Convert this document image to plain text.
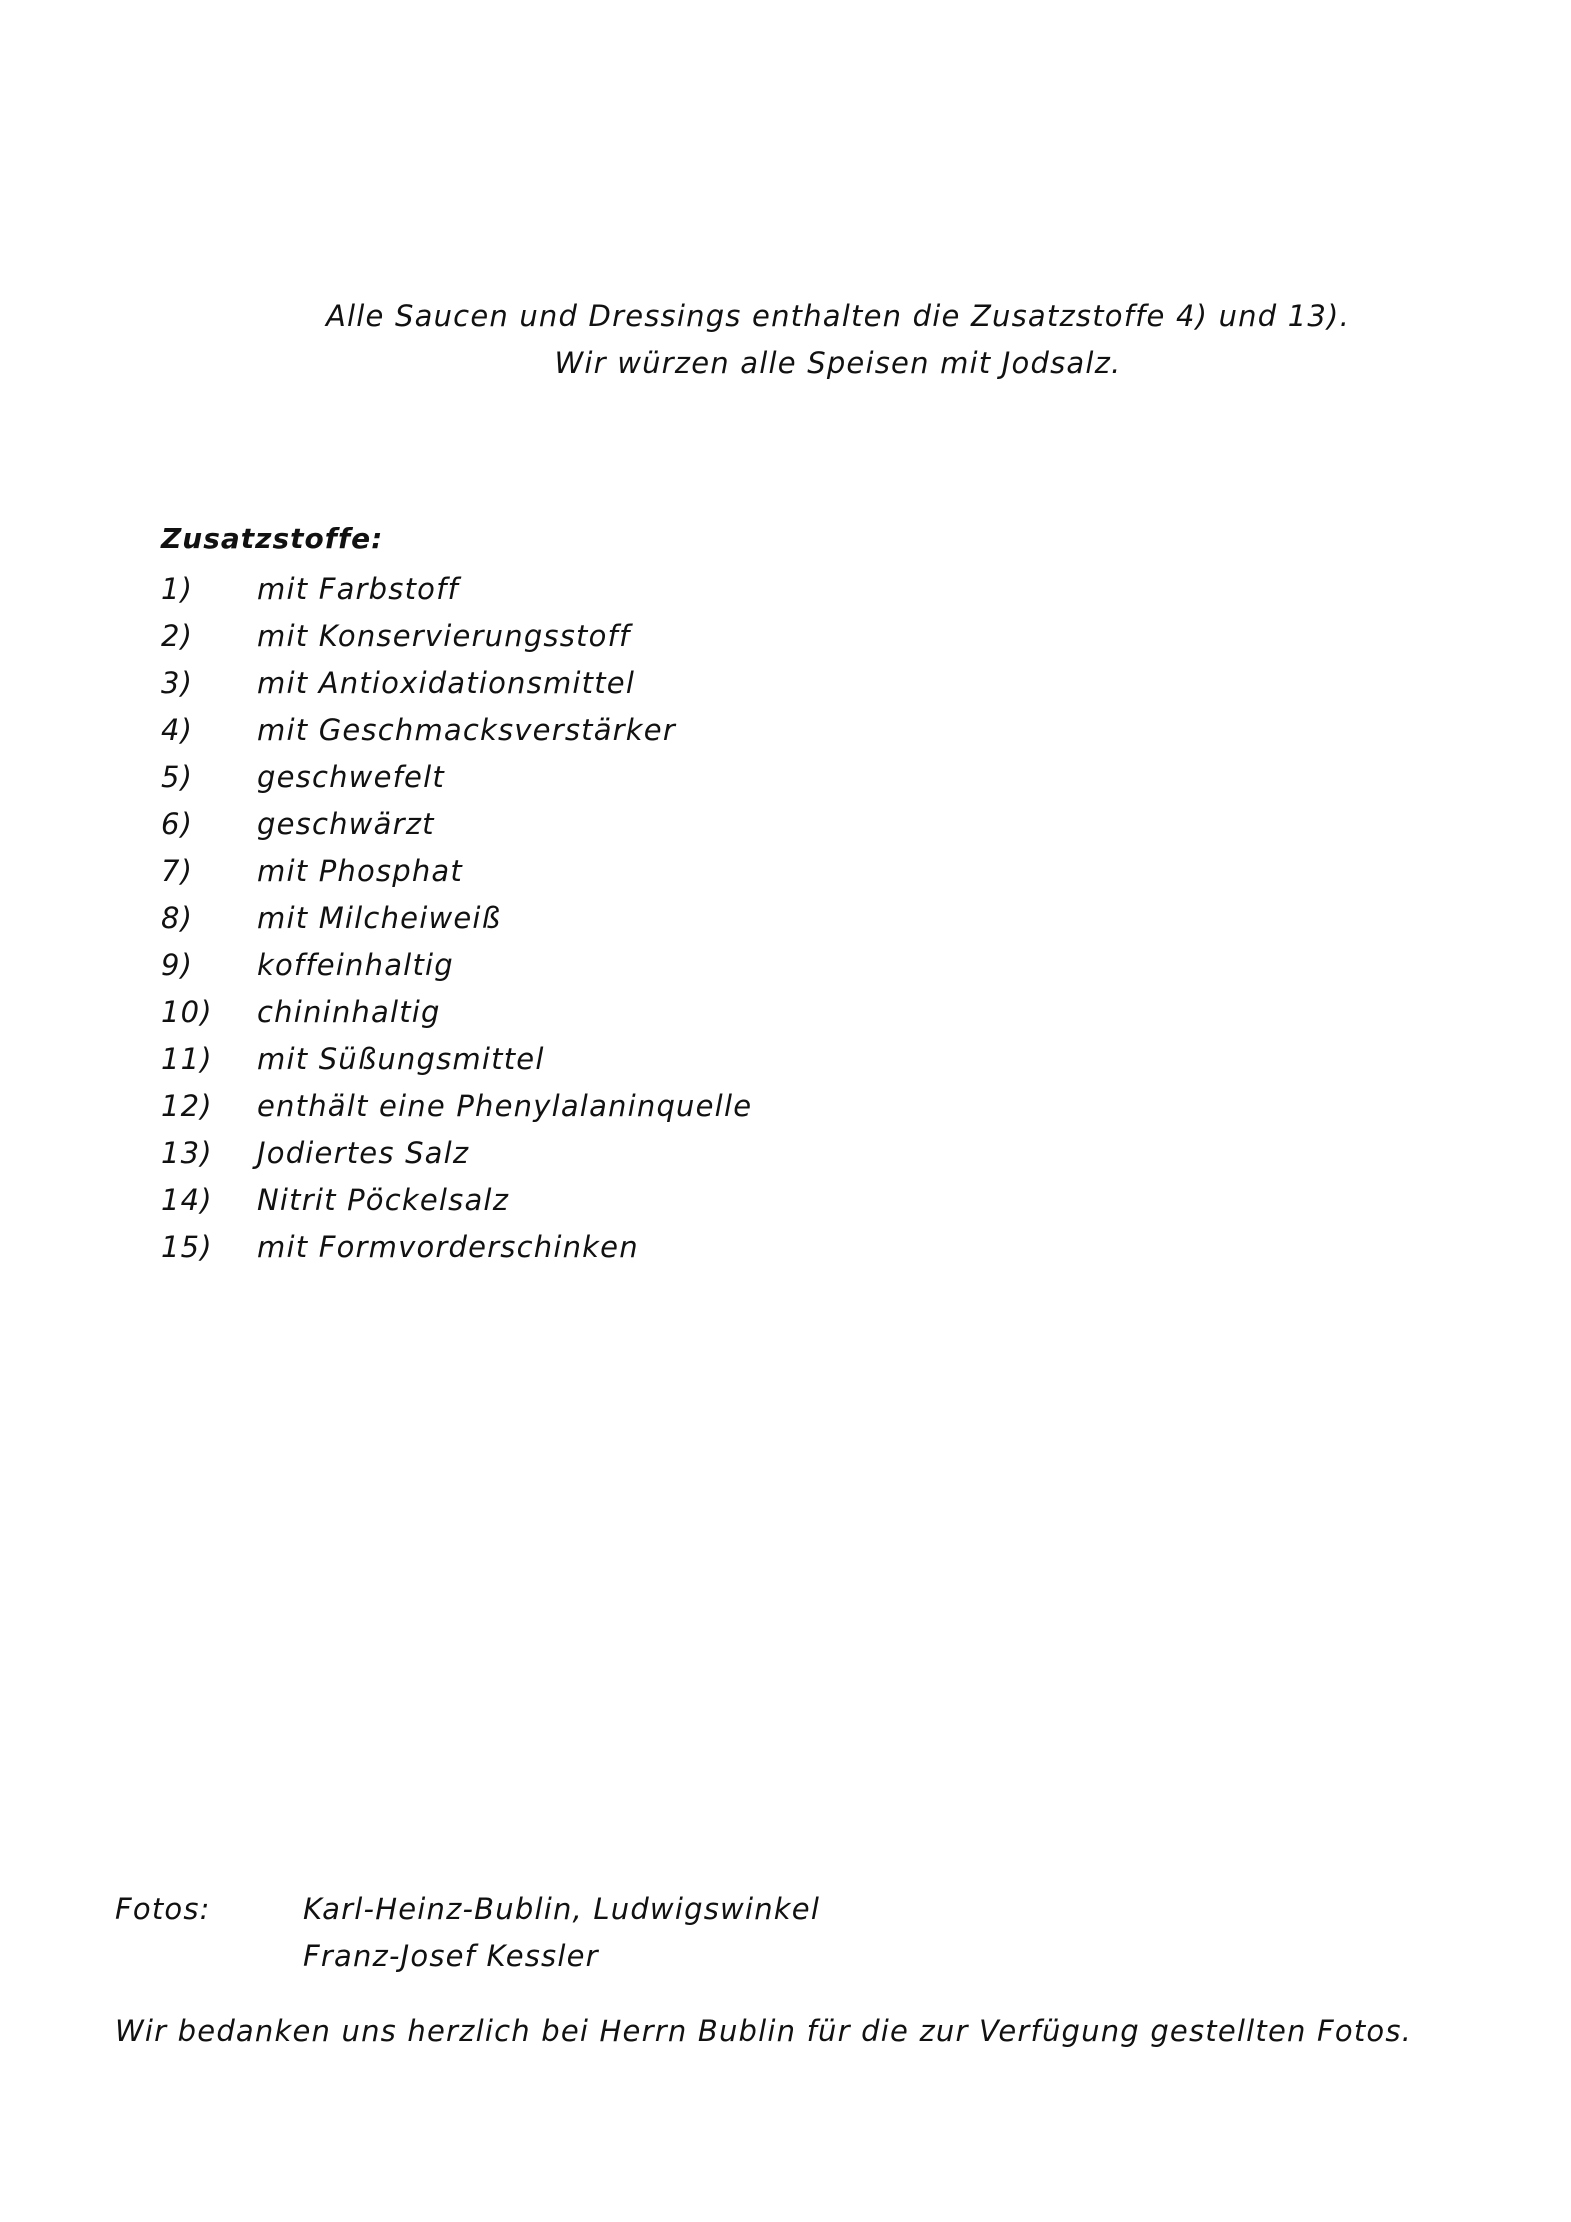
Alle Saucen und Dressings enthalten die Zusatzstoffe 4) und 13).

Wir würzen alle Speisen mit Jodsalz.

Zusatzstoffe:
1) mit Farbstoff
2) mit Konservierungsstoff
3) mit Antioxidationsmittel
4) mit Geschmacksverstärker
5) geschwefelt
6) geschwärzt
7) mit Phosphat
8) mit Milcheiweiß
9) koffeinhaltig
10) chininhaltig
11) mit Süßungsmittel
12) enthält eine Phenylalaninquelle
13) Jodiertes Salz
14) Nitrit Pöckelsalz
15) mit Formvorderschinken

Fotos:	Karl-Heinz-Bublin, Ludwigswinkel
Franz-Josef Kessler

Wir bedanken uns herzlich bei Herrn Bublin für die zur Verfügung gestellten Fotos.
